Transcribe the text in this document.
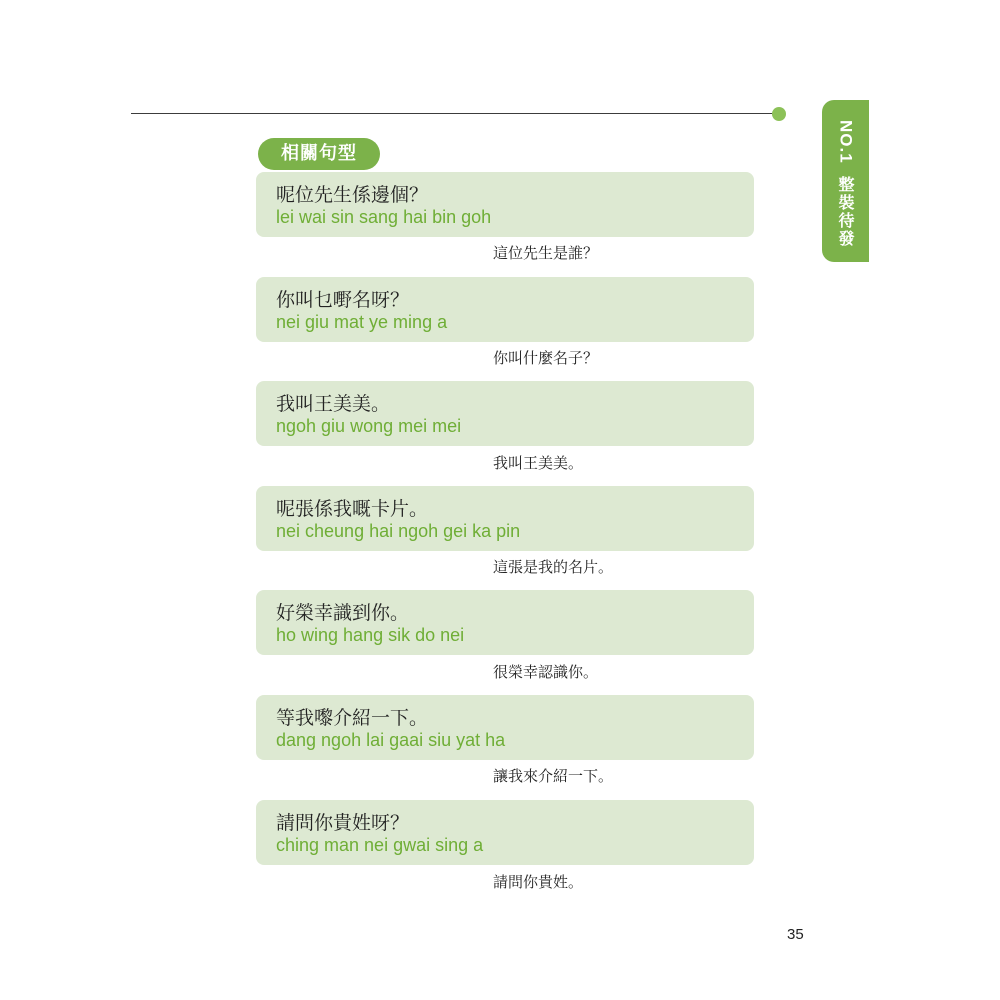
NO.1
整裝待發
相關句型
呢位先生係邊個？
lei wai sin sang hai bin goh
這位先生是誰？
你叫乜嘢名呀？
nei giu mat ye ming a
你叫什麼名子？
我叫王美美。
ngoh giu wong mei mei
我叫王美美。
呢張係我嘅卡片。
nei cheung hai ngoh gei ka pin
這張是我的名片。
好榮幸識到你。
ho wing hang sik do nei
很榮幸認識你。
等我嚟介紹一下。
dang ngoh lai gaai siu yat ha
讓我來介紹一下。
請問你貴姓呀？
ching man nei gwai sing a
請問你貴姓。
35
